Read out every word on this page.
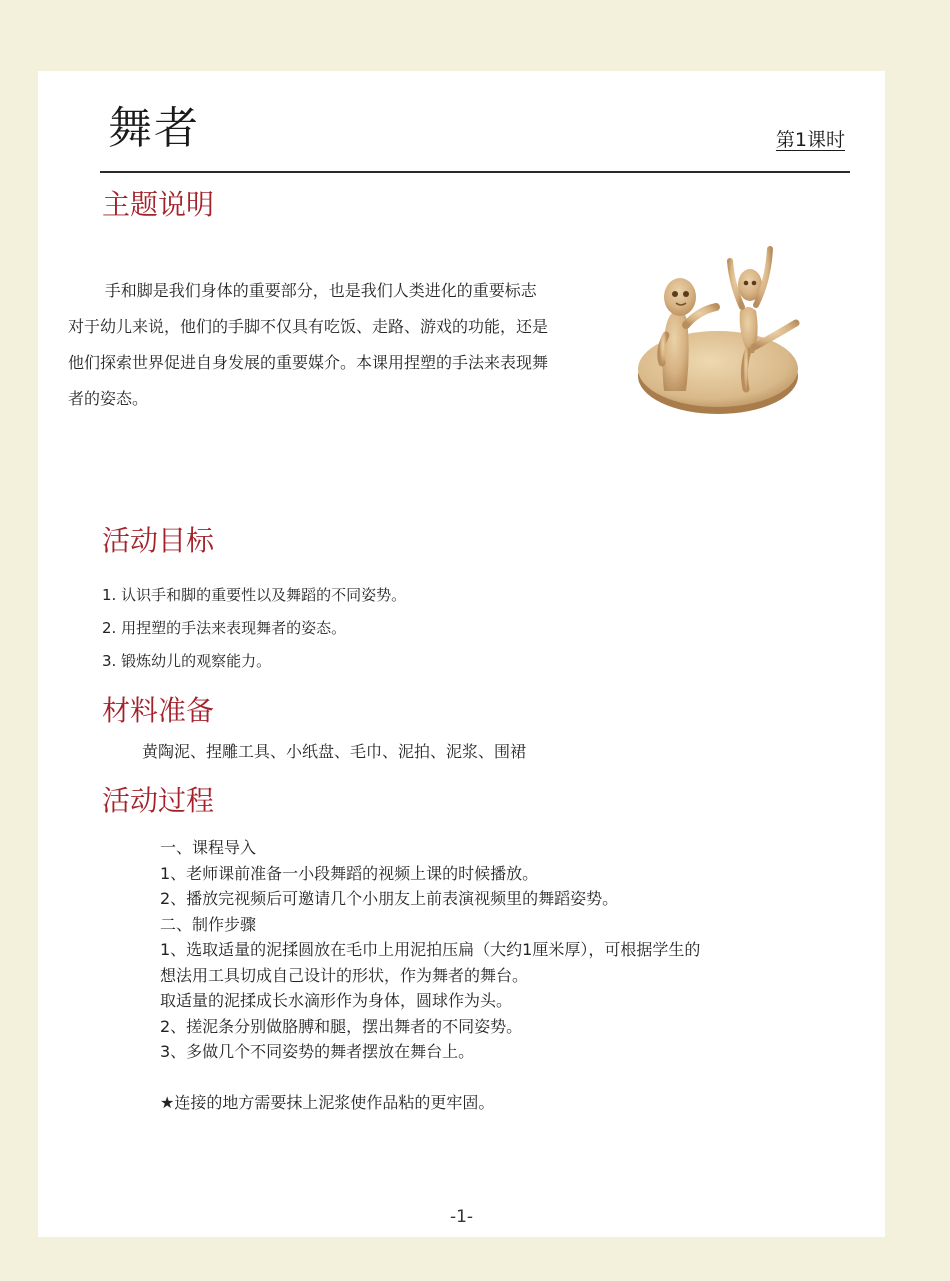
舞者	第1课时
主题说明
手和脚是我们身体的重要部分，也是我们人类进化的重要标志对于幼儿来说，他们的手脚不仅具有吃饭、走路、游戏的功能，还是他们探索世界促进自身发展的重要媒介。本课用捏塑的手法来表现舞者的姿态。
活动目标
1. 认识手和脚的重要性以及舞蹈的不同姿势。
2. 用捏塑的手法来表现舞者的姿态。
3. 锻炼幼儿的观察能力。
材料准备
黄陶泥、捏雕工具、小纸盘、毛巾、泥拍、泥浆、围裙
活动过程
一、课程导入
1、老师课前准备一小段舞蹈的视频上课的时候播放。
2、播放完视频后可邀请几个小朋友上前表演视频里的舞蹈姿势。
二、制作步骤
1、选取适量的泥揉圆放在毛巾上用泥拍压扁（大约1厘米厚），可根据学生的
想法用工具切成自己设计的形状，作为舞者的舞台。
取适量的泥揉成长水滴形作为身体，圆球作为头。
2、搓泥条分别做胳膊和腿，摆出舞者的不同姿势。
3、多做几个不同姿势的舞者摆放在舞台上。
★连接的地方需要抹上泥浆使作品粘的更牢固。
-1-
